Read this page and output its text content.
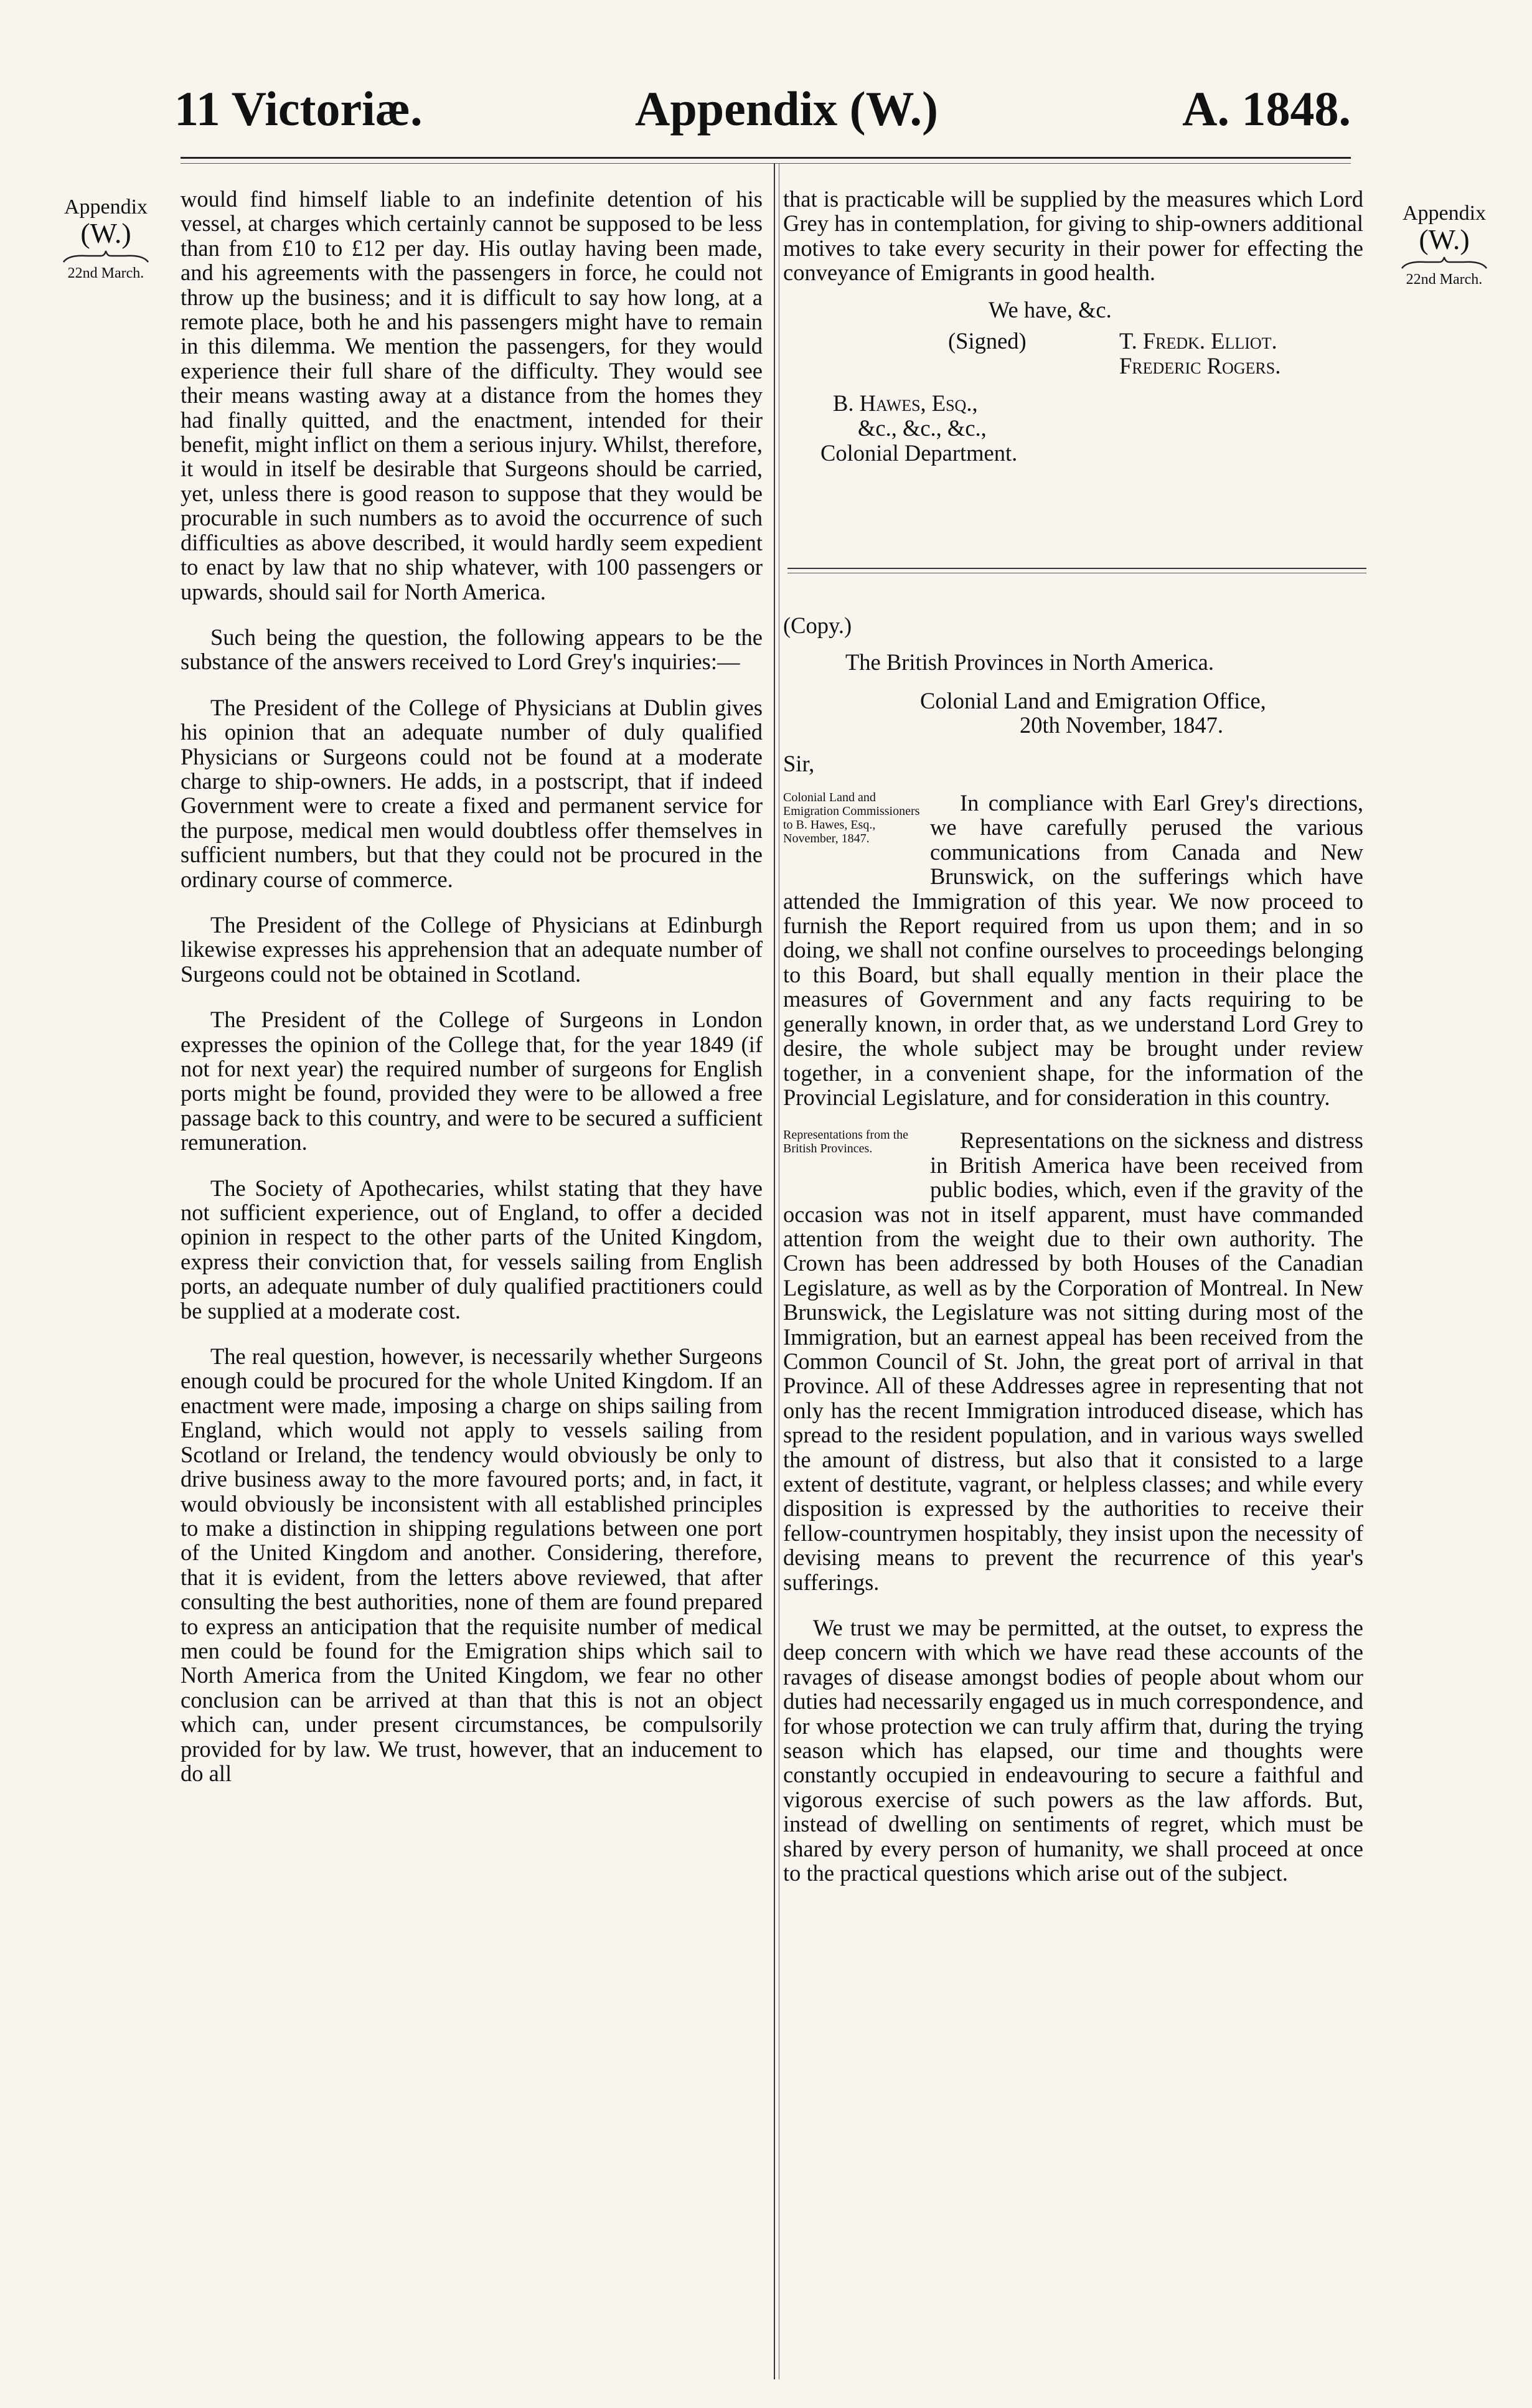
11 Victoriæ.	Appendix (W.)	A. 1848.
Appendix
(W.)
22nd March.
Appendix
(W.)
22nd March.

would find himself liable to an indefinite detention of his vessel, at charges which certainly cannot be supposed to be less than from £10 to £12 per day. His outlay having been made, and his agreements with the passengers in force, he could not throw up the business; and it is difficult to say how long, at a remote place, both he and his passengers might have to remain in this dilemma. We mention the passengers, for they would experience their full share of the difficulty. They would see their means wasting away at a distance from the homes they had finally quitted, and the enactment, intended for their benefit, might inflict on them a serious injury. Whilst, therefore, it would in itself be desirable that Surgeons should be carried, yet, unless there is good reason to suppose that they would be procurable in such numbers as to avoid the occurrence of such difficulties as above described, it would hardly seem expedient to enact by law that no ship whatever, with 100 passengers or upwards, should sail for North America.

Such being the question, the following appears to be the substance of the answers received to Lord Grey's inquiries:—

The President of the College of Physicians at Dublin gives his opinion that an adequate number of duly qualified Physicians or Surgeons could not be found at a moderate charge to ship-owners. He adds, in a postscript, that if indeed Government were to create a fixed and permanent service for the purpose, medical men would doubtless offer themselves in sufficient numbers, but that they could not be procured in the ordinary course of commerce.

The President of the College of Physicians at Edinburgh likewise expresses his apprehension that an adequate number of Surgeons could not be obtained in Scotland.

The President of the College of Surgeons in London expresses the opinion of the College that, for the year 1849 (if not for next year) the required number of surgeons for English ports might be found, provided they were to be allowed a free passage back to this country, and were to be secured a sufficient remuneration.

The Society of Apothecaries, whilst stating that they have not sufficient experience, out of England, to offer a decided opinion in respect to the other parts of the United Kingdom, express their conviction that, for vessels sailing from English ports, an adequate number of duly qualified practitioners could be supplied at a moderate cost.

The real question, however, is necessarily whether Surgeons enough could be procured for the whole United Kingdom. If an enactment were made, imposing a charge on ships sailing from England, which would not apply to vessels sailing from Scotland or Ireland, the tendency would obviously be only to drive business away to the more favoured ports; and, in fact, it would obviously be inconsistent with all established principles to make a distinction in shipping regulations between one port of the United Kingdom and another. Considering, therefore, that it is evident, from the letters above reviewed, that after consulting the best authorities, none of them are found prepared to express an anticipation that the requisite number of medical men could be found for the Emigration ships which sail to North America from the United Kingdom, we fear no other conclusion can be arrived at than that this is not an object which can, under present circumstances, be compulsorily provided for by law. We trust, however, that an inducement to do all

that is practicable will be supplied by the measures which Lord Grey has in contemplation, for giving to ship-owners additional motives to take every security in their power for effecting the conveyance of Emigrants in good health.

We have, &c.
(Signed)	T. Fredk. Elliot.
Frederic Rogers.
B. Hawes, Esq.,
&c., &c., &c.,
Colonial Department.
(Copy.)
The British Provinces in North America.
Colonial Land and Emigration Office,
20th November, 1847.
Sir,
Colonial Land and Emigration Commissioners to B. Hawes, Esq., November, 1847.

In compliance with Earl Grey's directions, we have carefully perused the various communications from Canada and New Brunswick, on the sufferings which have attended the Immigration of this year. We now proceed to furnish the Report required from us upon them; and in so doing, we shall not confine ourselves to proceedings belonging to this Board, but shall equally mention in their place the measures of Government and any facts requiring to be generally known, in order that, as we understand Lord Grey to desire, the whole subject may be brought under review together, in a convenient shape, for the information of the Provincial Legislature, and for consideration in this country.

Representations from the British Provinces.	Representations on the sickness and distress in British America have been received from public bodies, which, even if the gravity of the occasion was not in itself apparent, must have commanded attention from the weight due to their own authority. The Crown has been addressed by both Houses of the Canadian Legislature, as well as by the Corporation of Montreal. In New Brunswick, the Legislature was not sitting during most of the Immigration, but an earnest appeal has been received from the Common Council of St. John, the great port of arrival in that Province. All of these Addresses agree in representing that not only has the recent Immigration introduced disease, which has spread to the resident population, and in various ways swelled the amount of distress, but also that it consisted to a large extent of destitute, vagrant, or helpless classes; and while every disposition is expressed by the authorities to receive their fellow-countrymen hospitably, they insist upon the necessity of devising means to prevent the recurrence of this year's sufferings.

We trust we may be permitted, at the outset, to express the deep concern with which we have read these accounts of the ravages of disease amongst bodies of people about whom our duties had necessarily engaged us in much correspondence, and for whose protection we can truly affirm that, during the trying season which has elapsed, our time and thoughts were constantly occupied in endeavouring to secure a faithful and vigorous exercise of such powers as the law affords. But, instead of dwelling on sentiments of regret, which must be shared by every person of humanity, we shall proceed at once to the practical questions which arise out of the subject.
